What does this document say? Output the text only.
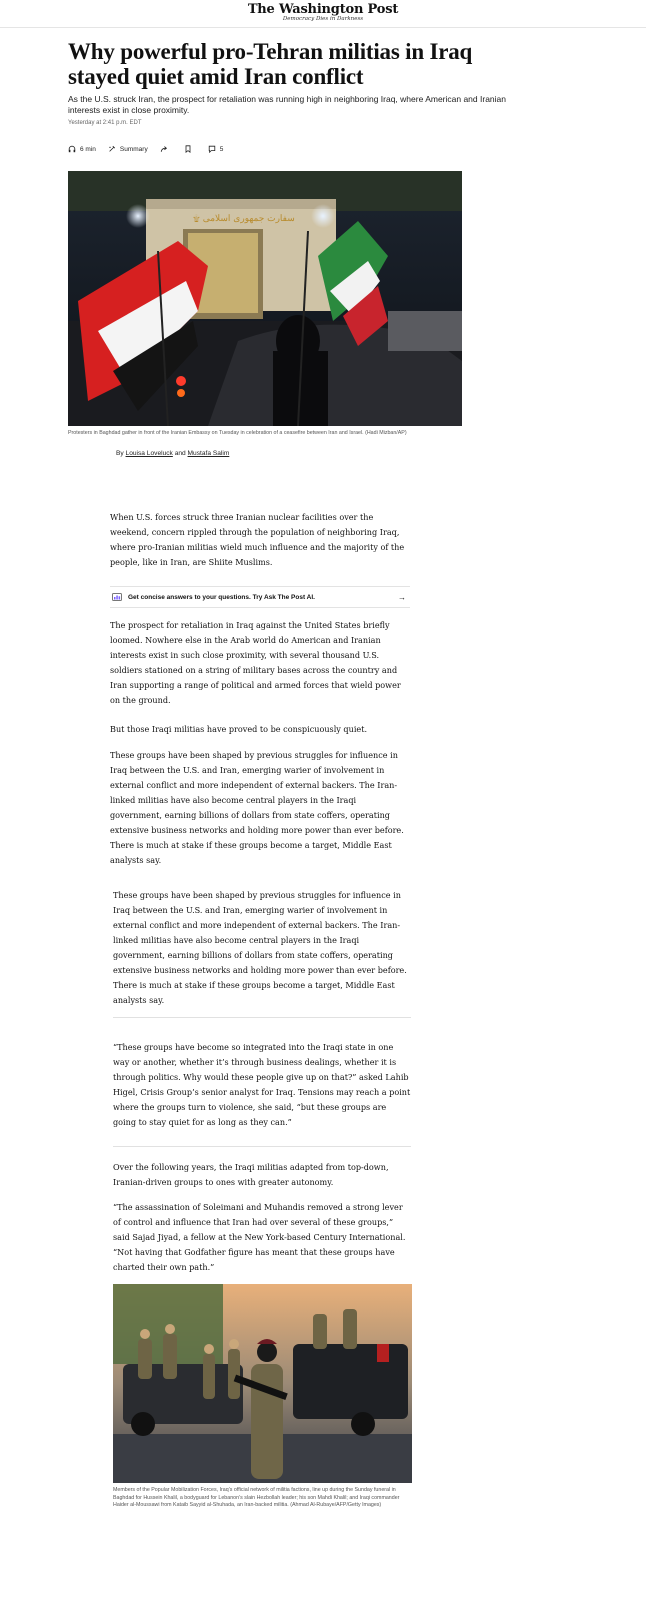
The Washington Post
Democracy Dies in Darkness
Why powerful pro-Tehran militias in Iraq stayed quiet amid Iran conflict
As the U.S. struck Iran, the prospect for retaliation was running high in neighboring Iraq, where American and Iranian interests exist in close proximity.
Yesterday at 2:41 p.m. EDT
6 min	Summary	5
۩ ﺳﻔﺎرت ﺟﻤﻬﻮری اﺳﻼﻣﯽ
Protesters in Baghdad gather in front of the Iranian Embassy on Tuesday in celebration of a ceasefire between Iran and Israel. (Hadi Mizban/AP)
By Louisa Loveluck and Mustafa Salim

When U.S. forces struck three Iranian nuclear facilities over the weekend, concern rippled through the population of neighboring Iraq, where pro-Iranian militias wield much influence and the majority of the people, like in Iran, are Shiite Muslims.

Get concise answers to your questions. Try Ask The Post AI.	→

The prospect for retaliation in Iraq against the United States briefly loomed. Nowhere else in the Arab world do American and Iranian interests exist in such close proximity, with several thousand U.S. soldiers stationed on a string of military bases across the country and Iran supporting a range of political and armed forces that wield power on the ground.

But those Iraqi militias have proved to be conspicuously quiet.

These groups have been shaped by previous struggles for influence in Iraq between the U.S. and Iran, emerging warier of involvement in external conflict and more independent of external backers. The Iran-linked militias have also become central players in the Iraqi government, earning billions of dollars from state coffers, operating extensive business networks and holding more power than ever before. There is much at stake if these groups become a target, Middle East analysts say.

These groups have been shaped by previous struggles for influence in Iraq between the U.S. and Iran, emerging warier of involvement in external conflict and more independent of external backers. The Iran-linked militias have also become central players in the Iraqi government, earning billions of dollars from state coffers, operating extensive business networks and holding more power than ever before. There is much at stake if these groups become a target, Middle East analysts say.

“These groups have become so integrated into the Iraqi state in one way or another, whether it’s through business dealings, whether it is through politics. Why would these people give up on that?” asked Lahib Higel, Crisis Group’s senior analyst for Iraq. Tensions may reach a point where the groups turn to violence, she said, “but these groups are going to stay quiet for as long as they can.”

Over the following years, the Iraqi militias adapted from top-down, Iranian-driven groups to ones with greater autonomy.

“The assassination of Soleimani and Muhandis removed a strong lever of control and influence that Iran had over several of these groups,” said Sajad Jiyad, a fellow at the New York-based Century International. “Not having that Godfather figure has meant that these groups have charted their own path.”

Members of the Popular Mobilization Forces, Iraq’s official network of militia factions, line up during the Sunday funeral in Baghdad for Hussein Khalil, a bodyguard for Lebanon’s slain Hezbollah leader; his son Mahdi Khalil; and Iraqi commander Haider al-Moussawi from Kataib Sayyid al-Shuhada, an Iran-backed militia. (Ahmad Al-Rubaye/AFP/Getty Images)
